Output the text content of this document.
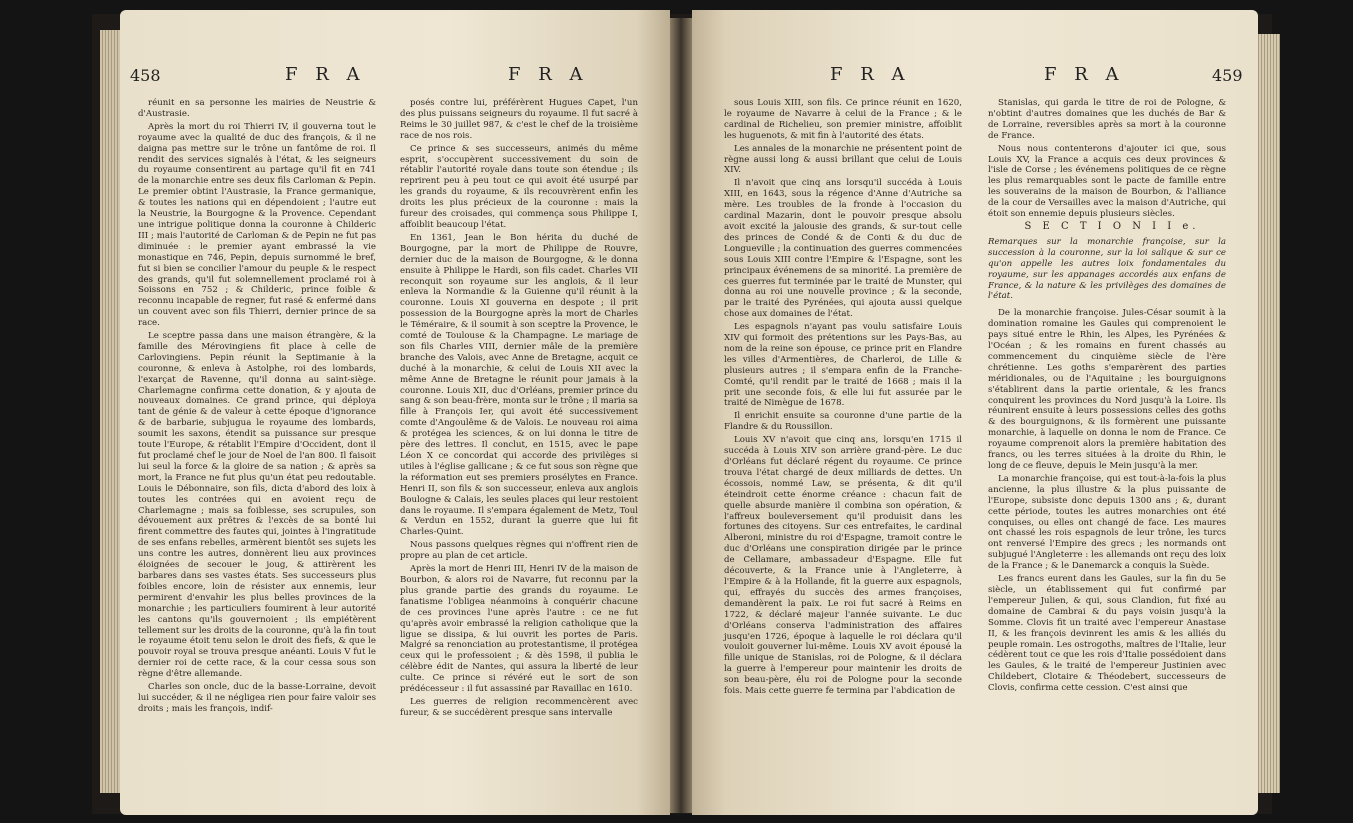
458	F R A	F R A

réunit en sa personne les mairies de Neustrie & d'Austrasie.

Après la mort du roi Thierri IV, il gouverna tout le royaume avec la qualité de duc des françois, & il ne daigna pas mettre sur le trône un fantôme de roi. Il rendit des services signalés à l'état, & les seigneurs du royaume consentirent au partage qu'il fit en 741 de la monarchie entre ses deux fils Carloman & Pepin. Le premier obtint l'Austrasie, la France germanique, & toutes les nations qui en dépendoient ; l'autre eut la Neustrie, la Bourgogne & la Provence. Cependant une intrigue politique donna la couronne à Childeric III ; mais l'autorité de Carloman & de Pepin ne fut pas diminuée : le premier ayant embrassé la vie monastique en 746, Pepin, depuis surnommé le bref, fut si bien se concilier l'amour du peuple & le respect des grands, qu'il fut solemnellement proclamé roi à Soissons en 752 ; & Childeric, prince foible & reconnu incapable de regner, fut rasé & enfermé dans un couvent avec son fils Thierri, dernier prince de sa race.

Le sceptre passa dans une maison étrangère, & la famille des Mérovingiens fit place à celle de Carlovingiens. Pepin réunit la Septimanie à la couronne, & enleva à Astolphe, roi des lombards, l'exarçat de Ravenne, qu'il donna au saint-siège. Charlemagne confirma cette donation, & y ajouta de nouveaux domaines. Ce grand prince, qui déploya tant de génie & de valeur à cette époque d'ignorance & de barbarie, subjugua le royaume des lombards, soumit les saxons, étendit sa puissance sur presque toute l'Europe, & rétablit l'Empire d'Occident, dont il fut proclamé chef le jour de Noel de l'an 800. Il faisoit lui seul la force & la gloire de sa nation ; & après sa mort, la France ne fut plus qu'un état peu redoutable. Louis le Débonnaire, son fils, dicta d'abord des loix à toutes les contrées qui en avoient reçu de Charlemagne ; mais sa foiblesse, ses scrupules, son dévouement aux prêtres & l'excès de sa bonté lui firent commettre des fautes qui, jointes à l'ingratitude de ses enfans rebelles, armèrent bientôt ses sujets les uns contre les autres, donnèrent lieu aux provinces éloignées de secouer le joug, & attirèrent les barbares dans ses vastes états. Ses successeurs plus foibles encore, loin de résister aux ennemis, leur permirent d'envahir les plus belles provinces de la monarchie ; les particuliers foumirent à leur autorité les cantons qu'ils gouvernoient ; ils empiétèrent tellement sur les droits de la couronne, qu'à la fin tout le royaume étoit tenu selon le droit des fiefs, & que le pouvoir royal se trouva presque anéanti. Louis V fut le dernier roi de cette race, & la cour cessa sous son règne d'être allemande.

Charles son oncle, duc de la basse-Lorraine, devoit lui succéder, & il ne négligea rien pour faire valoir ses droits ; mais les françois, indif-

posés contre lui, préférèrent Hugues Capet, l'un des plus puissans seigneurs du royaume. Il fut sacré à Reims le 30 juillet 987, & c'est le chef de la troisième race de nos rois.

Ce prince & ses successeurs, animés du même esprit, s'occupèrent successivement du soin de rétablir l'autorité royale dans toute son étendue ; ils reprirent peu à peu tout ce qui avoit été usurpé par les grands du royaume, & ils recouvrèrent enfin les droits les plus précieux de la couronne : mais la fureur des croisades, qui commença sous Philippe I, affoiblit beaucoup l'état.

En 1361, Jean le Bon hérita du duché de Bourgogne, par la mort de Philippe de Rouvre, dernier duc de la maison de Bourgogne, & le donna ensuite à Philippe le Hardi, son fils cadet. Charles VII reconquit son royaume sur les anglois, & il leur enleva la Normandie & la Guienne qu'il réunit à la couronne. Louis XI gouverna en despote ; il prit possession de la Bourgogne après la mort de Charles le Téméraire, & il soumit à son sceptre la Provence, le comté de Toulouse & la Champagne. Le mariage de son fils Charles VIII, dernier mâle de la première branche des Valois, avec Anne de Bretagne, acquit ce duché à la monarchie, & celui de Louis XII avec la même Anne de Bretagne le réunit pour jamais à la couronne. Louis XII, duc d'Orléans, premier prince du sang & son beau-frère, monta sur le trône ; il maria sa fille à François Ier, qui avoit été successivement comte d'Angoulême & de Valois. Le nouveau roi aima & protégea les sciences, & on lui donna le titre de père des lettres. Il conclut, en 1515, avec le pape Léon X ce concordat qui accorde des privilèges si utiles à l'église gallicane ; & ce fut sous son règne que la réformation eut ses premiers prosélytes en France. Henri II, son fils & son successeur, enleva aux anglois Boulogne & Calais, les seules places qui leur restoient dans le royaume. Il s'empara également de Metz, Toul & Verdun en 1552, durant la guerre que lui fit Charles-Quint.

Nous passons quelques règnes qui n'offrent rien de propre au plan de cet article.

Après la mort de Henri III, Henri IV de la maison de Bourbon, & alors roi de Navarre, fut reconnu par la plus grande partie des grands du royaume. Le fanatisme l'obligea néanmoins à conquérir chacune de ces provinces l'une après l'autre : ce ne fut qu'après avoir embrassé la religion catholique que la ligue se dissipa, & lui ouvrit les portes de Paris. Malgré sa renonciation au protestantisme, il protégea ceux qui le professoient ; & dès 1598, il publia le célèbre édit de Nantes, qui assura la liberté de leur culte. Ce prince si révéré eut le sort de son prédécesseur : il fut assassiné par Ravaillac en 1610.

Les guerres de religion recommencèrent avec fureur, & se succédèrent presque sans intervalle

F R A	F R A	459

sous Louis XIII, son fils. Ce prince réunit en 1620, le royaume de Navarre à celui de la France ; & le cardinal de Richelieu, son premier ministre, affoiblit les huguenots, & mit fin à l'autorité des états.

Les annales de la monarchie ne présentent point de règne aussi long & aussi brillant que celui de Louis XIV.

Il n'avoit que cinq ans lorsqu'il succéda à Louis XIII, en 1643, sous la régence d'Anne d'Autriche sa mère. Les troubles de la fronde à l'occasion du cardinal Mazarin, dont le pouvoir presque absolu avoit excité la jalousie des grands, & sur-tout celle des princes de Condé & de Conti & du duc de Longueville ; la continuation des guerres commencées sous Louis XIII contre l'Empire & l'Espagne, sont les principaux événemens de sa minorité. La première de ces guerres fut terminée par le traité de Munster, qui donna au roi une nouvelle province ; & la seconde, par le traité des Pyrénées, qui ajouta aussi quelque chose aux domaines de l'état.

Les espagnols n'ayant pas voulu satisfaire Louis XIV qui formoit des prétentions sur les Pays-Bas, au nom de la reine son épouse, ce prince prit en Flandre les villes d'Armentières, de Charleroi, de Lille & plusieurs autres ; il s'empara enfin de la Franche-Comté, qu'il rendit par le traité de 1668 ; mais il la prit une seconde fois, & elle lui fut assurée par le traité de Nimègue de 1678.

Il enrichit ensuite sa couronne d'une partie de la Flandre & du Roussillon.

Louis XV n'avoit que cinq ans, lorsqu'en 1715 il succéda à Louis XIV son arrière grand-père. Le duc d'Orléans fut déclaré régent du royaume. Ce prince trouva l'état chargé de deux milliards de dettes. Un écossois, nommé Law, se présenta, & dit qu'il éteindroit cette énorme créance : chacun fait de quelle absurde manière il combina son opération, & l'affreux bouleversement qu'il produisit dans les fortunes des citoyens. Sur ces entrefaites, le cardinal Alberoni, ministre du roi d'Espagne, tramoit contre le duc d'Orléans une conspiration dirigée par le prince de Cellamare, ambassadeur d'Espagne. Elle fut découverte, & la France unie à l'Angleterre, à l'Empire & à la Hollande, fit la guerre aux espagnols, qui, effrayés du succès des armes françoises, demandèrent la paix. Le roi fut sacré à Reims en 1722, & déclaré majeur l'année suivante. Le duc d'Orléans conserva l'administration des affaires jusqu'en 1726, époque à laquelle le roi déclara qu'il vouloit gouverner lui-même. Louis XV avoit épousé la fille unique de Stanislas, roi de Pologne, & il déclara la guerre à l'empereur pour maintenir les droits de son beau-père, élu roi de Pologne pour la seconde fois. Mais cette guerre fe termina par l'abdication de

Stanislas, qui garda le titre de roi de Pologne, & n'obtint d'autres domaines que les duchés de Bar & de Lorraine, reversibles après sa mort à la couronne de France.

Nous nous contenterons d'ajouter ici que, sous Louis XV, la France a acquis ces deux provinces & l'isle de Corse ; les événemens politiques de ce règne les plus remarquables sont le pacte de famille entre les souverains de la maison de Bourbon, & l'alliance de la cour de Versailles avec la maison d'Autriche, qui étoit son ennemie depuis plusieurs siècles.

S E C T I O N I I e.

Remarques sur la monarchie françoise, sur la succession à la couronne, sur la loi salique & sur ce qu'on appelle les autres loix fondamentales du royaume, sur les appanages accordés aux enfans de France, & la nature & les privilèges des domaines de l'état.

De la monarchie françoise. Jules-César soumit à la domination romaine les Gaules qui comprenoient le pays situé entre le Rhin, les Alpes, les Pyrénées & l'Océan ; & les romains en furent chassés au commencement du cinquième siècle de l'ère chrétienne. Les goths s'emparèrent des parties méridionales, ou de l'Aquitaine ; les bourguignons s'établirent dans la partie orientale, & les francs conquirent les provinces du Nord jusqu'à la Loire. Ils réunirent ensuite à leurs possessions celles des goths & des bourguignons, & ils formèrent une puissante monarchie, à laquelle on donna le nom de France. Ce royaume comprenoit alors la première habitation des francs, ou les terres situées à la droite du Rhin, le long de ce fleuve, depuis le Mein jusqu'à la mer.

La monarchie françoise, qui est tout-à-la-fois la plus ancienne, la plus illustre & la plus puissante de l'Europe, subsiste donc depuis 1300 ans ; &, durant cette période, toutes les autres monarchies ont été conquises, ou elles ont changé de face. Les maures ont chassé les rois espagnols de leur trône, les turcs ont renversé l'Empire des grecs ; les normands ont subjugué l'Angleterre : les allemands ont reçu des loix de la France ; & le Danemarck a conquis la Suède.

Les francs eurent dans les Gaules, sur la fin du 5e siècle, un établissement qui fut confirmé par l'empereur Julien, & qui, sous Clandion, fut fixé au domaine de Cambrai & du pays voisin jusqu'à la Somme. Clovis fit un traité avec l'empereur Anastase II, & les françois devinrent les amis & les alliés du peuple romain. Les ostrogoths, maîtres de l'Italie, leur cédèrent tout ce que les rois d'Italie possédoient dans les Gaules, & le traité de l'empereur Justinien avec Childebert, Clotaire & Théodebert, successeurs de Clovis, confirma cette cession. C'est ainsi que
